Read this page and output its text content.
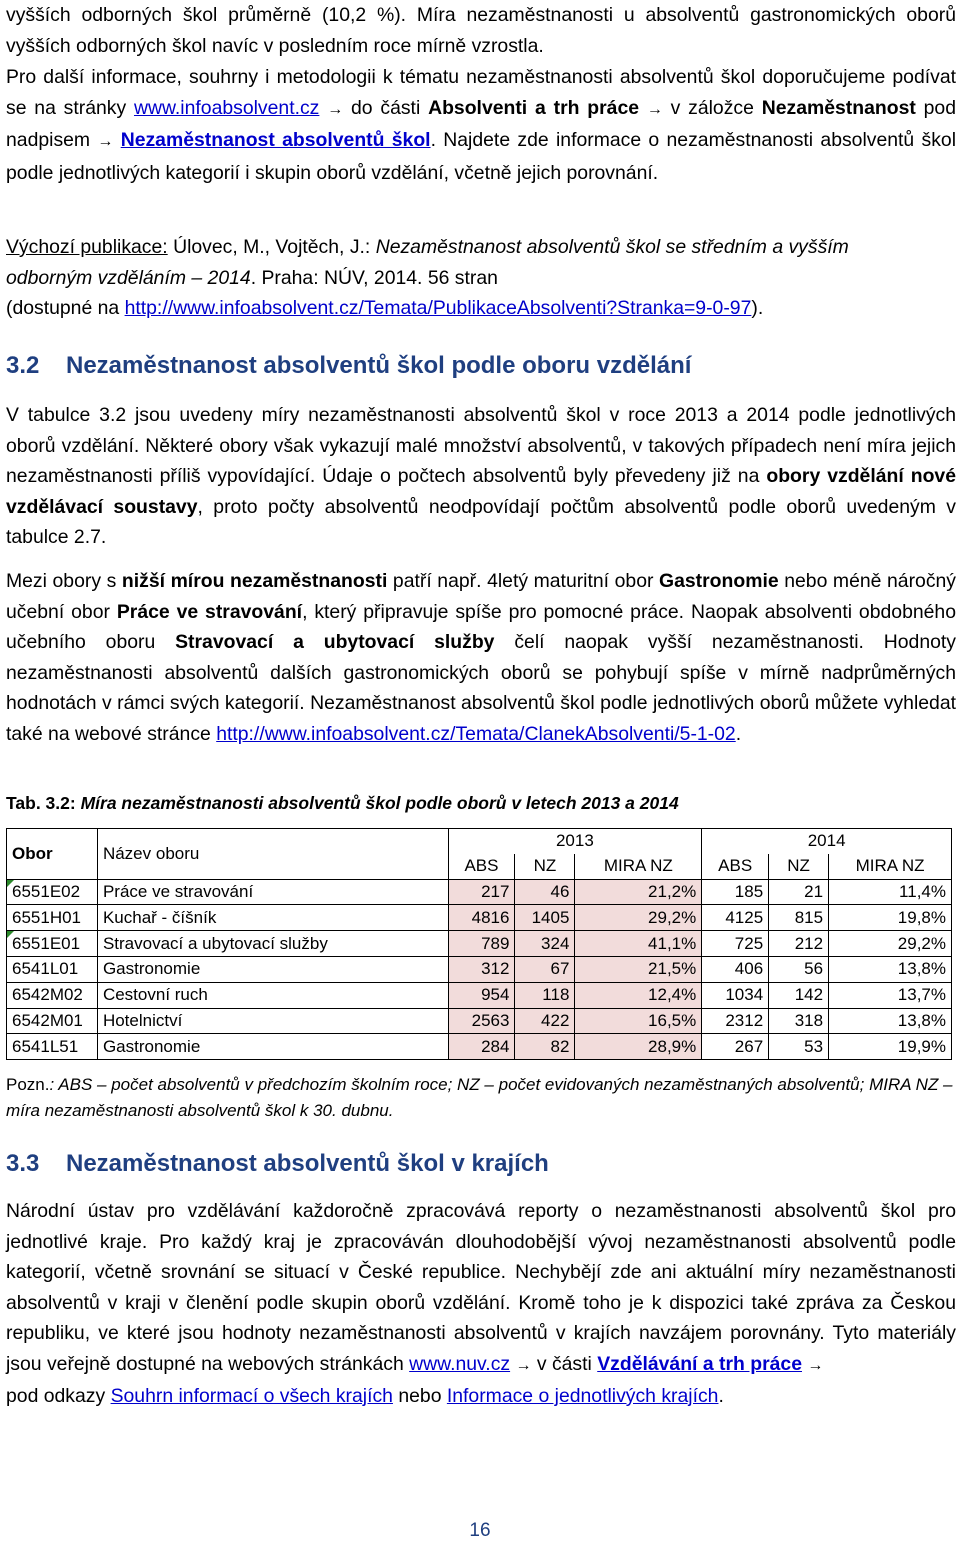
vyšších odborných škol průměrně (10,2 %). Míra nezaměstnanosti u absolventů gastronomických oborů vyšších odborných škol navíc v posledním roce mírně vzrostla.

Pro další informace, souhrny i metodologii k tématu nezaměstnanosti absolventů škol doporučujeme podívat se na stránky www.infoabsolvent.cz → do části Absolventi a trh práce → v záložce Nezaměstnanost pod nadpisem → Nezaměstnanost absolventů škol. Najdete zde informace o nezaměstnanosti absolventů škol podle jednotlivých kategorií i skupin oborů vzdělání, včetně jejich porovnání.

Výchozí publikace: Úlovec, M., Vojtěch, J.: Nezaměstnanost absolventů škol se středním a vyšším odborným vzděláním – 2014. Praha: NÚV, 2014. 56 stran
(dostupné na http://www.infoabsolvent.cz/Temata/PublikaceAbsolventi?Stranka=9-0-97).

3.2 Nezaměstnanost absolventů škol podle oboru vzdělání

V tabulce 3.2 jsou uvedeny míry nezaměstnanosti absolventů škol v roce 2013 a 2014 podle jednotlivých oborů vzdělání. Některé obory však vykazují malé množství absolventů, v takových případech není míra jejich nezaměstnanosti příliš vypovídající. Údaje o počtech absolventů byly převedeny již na obory vzdělání nové vzdělávací soustavy, proto počty absolventů neodpovídají počtům absolventů podle oborů uvedeným v tabulce 2.7.

Mezi obory s nižší mírou nezaměstnanosti patří např. 4letý maturitní obor Gastronomie nebo méně náročný učební obor Práce ve stravování, který připravuje spíše pro pomocné práce. Naopak absolventi obdobného učebního oboru Stravovací a ubytovací služby čelí naopak vyšší nezaměstnanosti. Hodnoty nezaměstnanosti absolventů dalších gastronomických oborů se pohybují spíše v mírně nadprůměrných hodnotách v rámci svých kategorií. Nezaměstnanost absolventů škol podle jednotlivých oborů můžete vyhledat také na webové stránce http://www.infoabsolvent.cz/Temata/ClanekAbsolventi/5-1-02.

Tab. 3.2: Míra nezaměstnanosti absolventů škol podle oborů v letech 2013 a 2014
Obor	Název oboru	2013			2014		
		ABS	NZ	MIRA NZ	ABS	NZ	MIRA NZ

6551E02	Práce ve stravování	217	46	21,2%	185	21	11,4%
6551H01	Kuchař - číšník	4816	1405	29,2%	4125	815	19,8%

6551E01	Stravovací a ubytovací služby	789	324	41,1%	725	212	29,2%
6541L01	Gastronomie	312	67	21,5%	406	56	13,8%
6542M02	Cestovní ruch	954	118	12,4%	1034	142	13,7%
6542M01	Hotelnictví	2563	422	16,5%	2312	318	13,8%
6541L51	Gastronomie	284	82	28,9%	267	53	19,9%

Pozn.: ABS – počet absolventů v předchozím školním roce; NZ – počet evidovaných nezaměstnaných absolventů; MIRA NZ – míra nezaměstnanosti absolventů škol k 30. dubnu.

3.3 Nezaměstnanost absolventů škol v krajích

Národní ústav pro vzdělávání každoročně zpracovává reporty o nezaměstnanosti absolventů škol pro jednotlivé kraje. Pro každý kraj je zpracováván dlouhodobější vývoj nezaměstnanosti absolventů podle kategorií, včetně srovnání se situací v České republice. Nechybějí zde ani aktuální míry nezaměstnanosti absolventů v kraji v členění podle skupin oborů vzdělání. Kromě toho je k dispozici také zpráva za Českou republiku, ve které jsou hodnoty nezaměstnanosti absolventů v krajích navzájem porovnány. Tyto materiály jsou veřejně dostupné na webových stránkách www.nuv.cz → v části Vzdělávání a trh práce →
pod odkazy Souhrn informací o všech krajích nebo Informace o jednotlivých krajích.

16
